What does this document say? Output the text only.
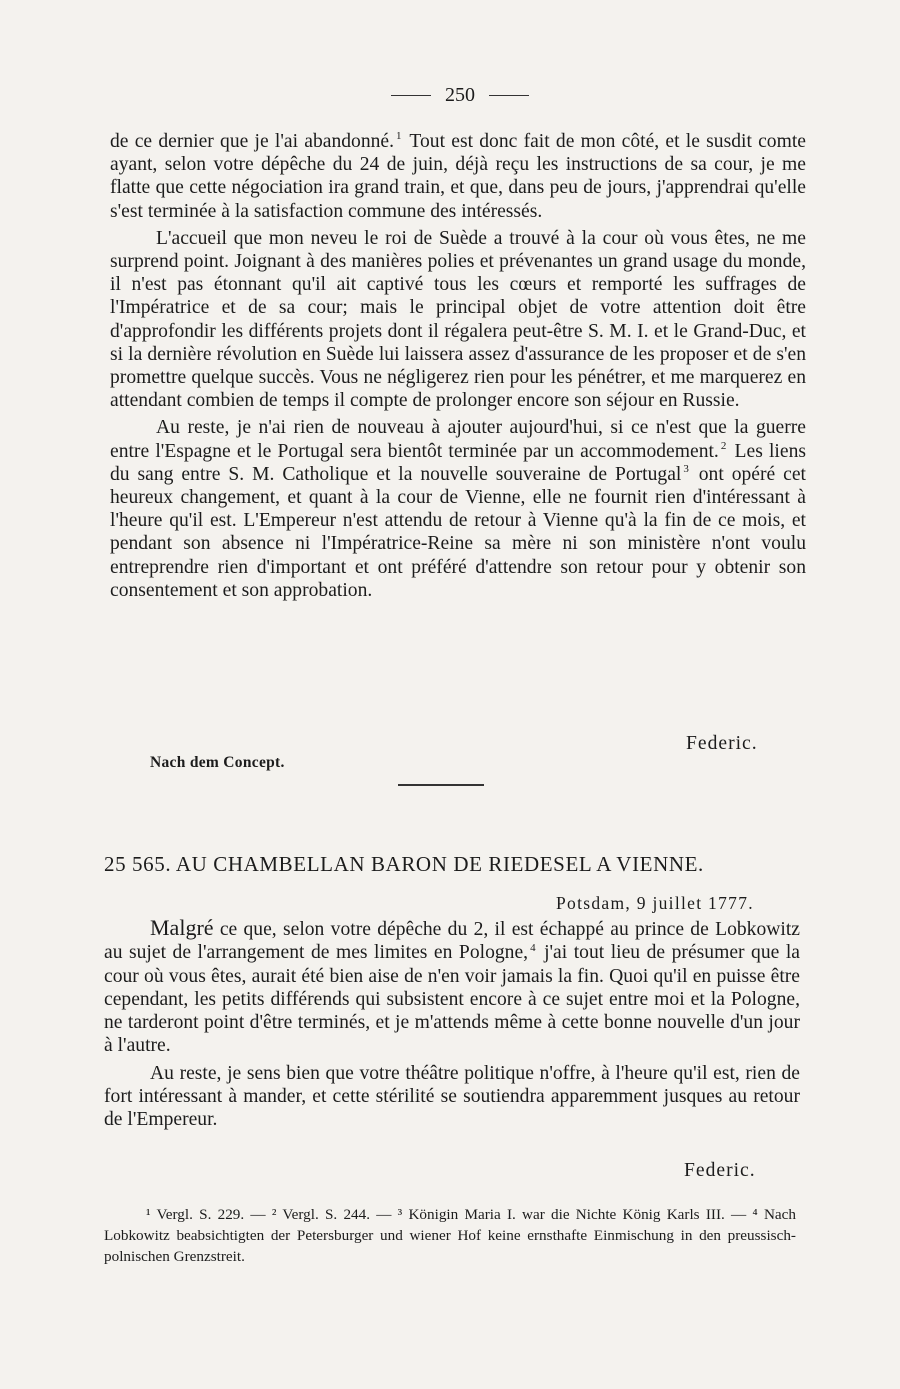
250

de ce dernier que je l'ai abandonné. $^1$ Tout est donc fait de mon côté, et le susdit comte ayant, selon votre dépêche du 24 de juin, déjà reçu les instructions de sa cour, je me flatte que cette négociation ira grand train, et que, dans peu de jours, j'apprendrai qu'elle s'est terminée à la satisfaction commune des intéressés.

L'accueil que mon neveu le roi de Suède a trouvé à la cour où vous êtes, ne me surprend point. Joignant à des manières polies et prévenantes un grand usage du monde, il n'est pas étonnant qu'il ait captivé tous les cœurs et remporté les suffrages de l'Impératrice et de sa cour; mais le principal objet de votre attention doit être d'approfondir les différents projets dont il régalera peut-être S. M. I. et le Grand-Duc, et si la dernière révolution en Suède lui laissera assez d'assurance de les proposer et de s'en promettre quelque succès. Vous ne négligerez rien pour les pénétrer, et me marquerez en attendant combien de temps il compte de prolonger encore son séjour en Russie.

Au reste, je n'ai rien de nouveau à ajouter aujourd'hui, si ce n'est que la guerre entre l'Espagne et le Portugal sera bientôt terminée par un accommodement. $^2$ Les liens du sang entre S. M. Catholique et la nouvelle souveraine de Portugal $^3$ ont opéré cet heureux changement, et quant à la cour de Vienne, elle ne fournit rien d'intéressant à l'heure qu'il est. L'Empereur n'est attendu de retour à Vienne qu'à la fin de ce mois, et pendant son absence ni l'Impératrice-Reine sa mère ni son ministère n'ont voulu entreprendre rien d'important et ont préféré d'attendre son retour pour y obtenir son consentement et son approbation.

Federic.
Nach dem Concept.
25 565. AU CHAMBELLAN BARON DE RIEDESEL A VIENNE.
Potsdam, 9 juillet 1777.

Malgré ce que, selon votre dépêche du 2, il est échappé au prince de Lobkowitz au sujet de l'arrangement de mes limites en Pologne, $^4$ j'ai tout lieu de présumer que la cour où vous êtes, aurait été bien aise de n'en voir jamais la fin. Quoi qu'il en puisse être cependant, les petits différends qui subsistent encore à ce sujet entre moi et la Pologne, ne tarderont point d'être terminés, et je m'attends même à cette bonne nouvelle d'un jour à l'autre.

Au reste, je sens bien que votre théâtre politique n'offre, à l'heure qu'il est, rien de fort intéressant à mander, et cette stérilité se soutiendra apparemment jusques au retour de l'Empereur.

Federic.

¹ Vergl. S. 229. — ² Vergl. S. 244. — ³ Königin Maria I. war die Nichte König Karls III. — ⁴ Nach Lobkowitz beabsichtigten der Petersburger und wiener Hof keine ernsthafte Einmischung in den preussisch-polnischen Grenzstreit.
